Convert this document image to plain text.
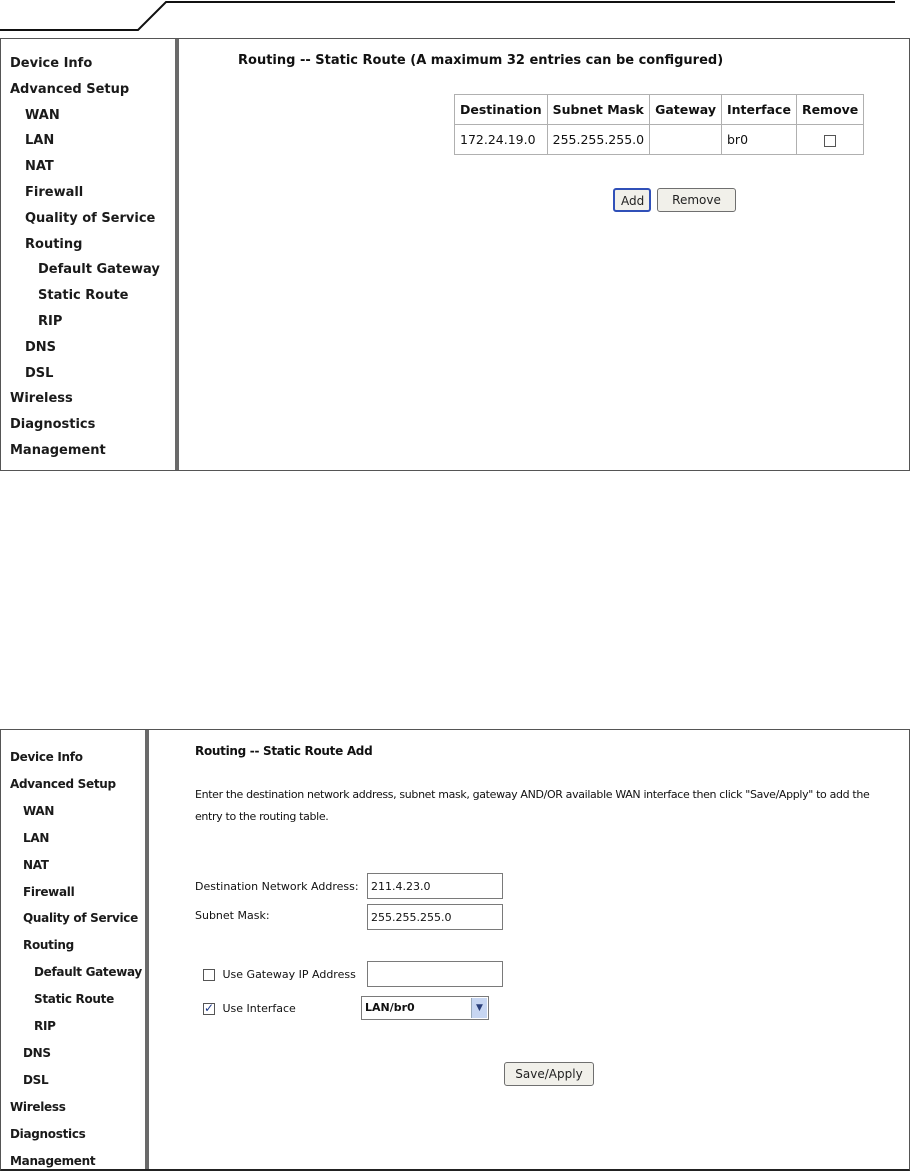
Device Info
Advanced Setup
WAN
LAN
NAT
Firewall
Quality of Service
Routing
Default Gateway
Static Route
RIP
DNS
DSL
Wireless
Diagnostics
Management
Routing -- Static Route (A maximum 32 entries can be configured)
Destination	Subnet Mask	Gateway	Interface	Remove
172.24.19.0	255.255.255.0		br0	
Add	Remove
Device Info
Advanced Setup
WAN
LAN
NAT
Firewall
Quality of Service
Routing
Default Gateway
Static Route
RIP
DNS
DSL
Wireless
Diagnostics
Management
Routing -- Static Route Add
Enter the destination network address, subnet mask, gateway AND/OR available WAN interface then click "Save/Apply" to add the
entry to the routing table.
Destination Network Address:
211.4.23.0
Subnet Mask:
255.255.255.0
Use Gateway IP Address
✓ Use Interface	LAN/br0	▼
Save/Apply
